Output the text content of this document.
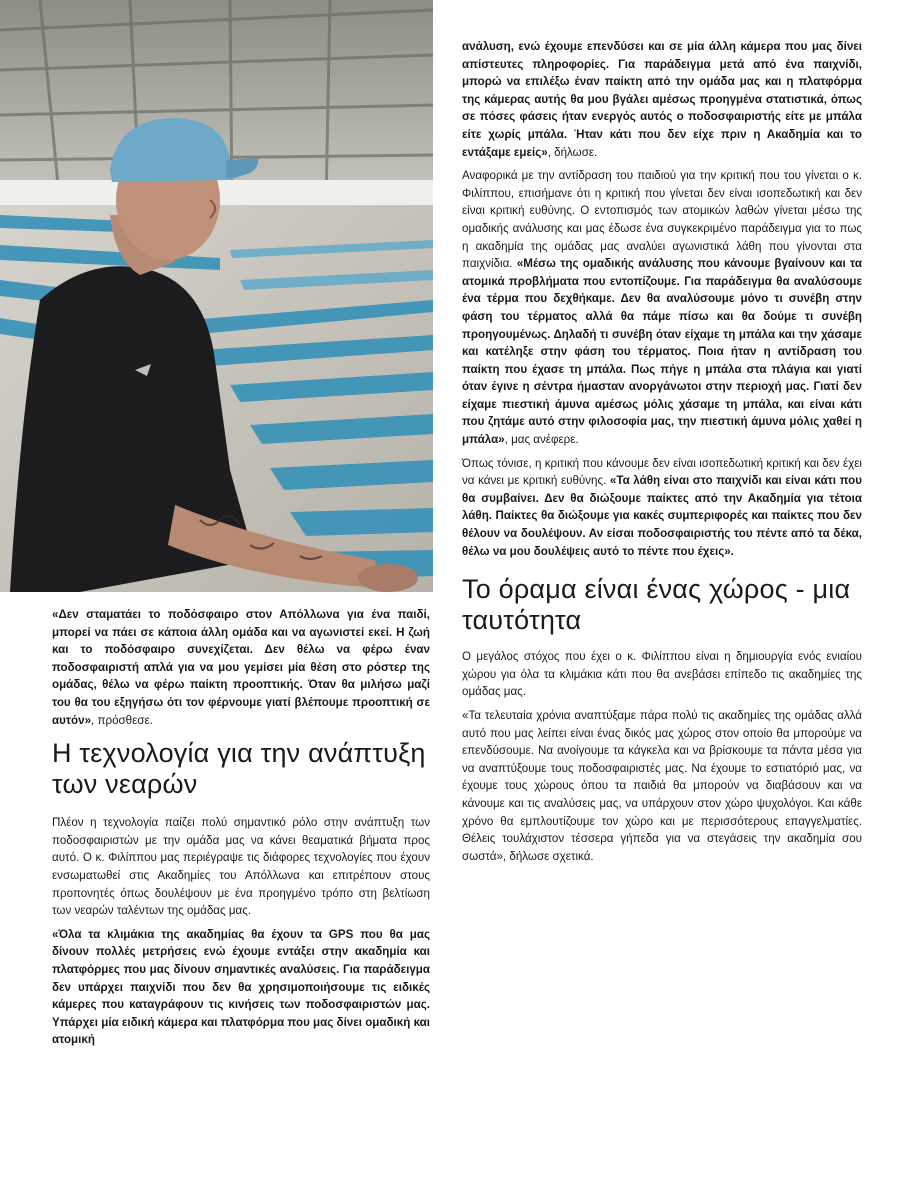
«Δεν σταματάει το ποδόσφαιρο στον Απόλλωνα για ένα παιδί, μπορεί να πάει σε κάποια άλλη ομάδα και να αγωνιστεί εκεί. Η ζωή και το ποδόσφαιρο συνεχίζεται. Δεν θέλω να φέρω έναν ποδοσφαιριστή απλά για να μου γεμίσει μία θέση στο ρόστερ της ομάδας, θέλω να φέρω παίκτη προοπτικής. Όταν θα μιλήσω μαζί του θα του εξηγήσω ότι τον φέρνουμε γιατί βλέπουμε προοπτική σε αυτόν», πρόσθεσε.

Η τεχνολογία για την ανάπτυξη των νεαρών

Πλέον η τεχνολογία παίζει πολύ σημαντικό ρόλο στην ανάπτυξη των ποδοσφαιριστών με την ομάδα μας να κάνει θεαματικά βήματα προς αυτό. Ο κ. Φιλίππου μας περιέγραψε τις διάφορες τεχνολογίες που έχουν ενσωματωθεί στις Ακαδημίες του Απόλλωνα και επιτρέπουν στους προπονητές όπως δουλέψουν με ένα προηγμένο τρόπο στη βελτίωση των νεαρών ταλέντων της ομάδας μας.

«Όλα τα κλιμάκια της ακαδημίας θα έχουν τα GPS που θα μας δίνουν πολλές μετρήσεις ενώ έχουμε εντάξει στην ακαδημία και πλατφόρμες που μας δίνουν σημαντικές αναλύσεις. Για παράδειγμα δεν υπάρχει παιχνίδι που δεν θα χρησιμοποιήσουμε τις ειδικές κάμερες που καταγράφουν τις κινήσεις των ποδοσφαιριστών μας. Υπάρχει μία ειδική κάμερα και πλατφόρμα που μας δίνει ομαδική και ατομική

ανάλυση, ενώ έχουμε επενδύσει και σε μία άλλη κάμερα που μας δίνει απίστευτες πληροφορίες. Για παράδειγμα μετά από ένα παιχνίδι, μπορώ να επιλέξω έναν παίκτη από την ομάδα μας και η πλατφόρμα της κάμερας αυτής θα μου βγάλει αμέσως προηγμένα στατιστικά, όπως σε πόσες φάσεις ήταν ενεργός αυτός ο ποδοσφαιριστής είτε με μπάλα είτε χωρίς μπάλα. Ήταν κάτι που δεν είχε πριν η Ακαδημία και το εντάξαμε εμείς», δήλωσε.

Αναφορικά με την αντίδραση του παιδιού για την κριτική που του γίνεται ο κ. Φιλίππου, επισήμανε ότι η κριτική που γίνεται δεν είναι ισοπεδωτική και δεν είναι κριτική ευθύνης. Ο εντοπισμός των ατομικών λαθών γίνεται μέσω της ομαδικής ανάλυσης και μας έδωσε ένα συγκεκριμένο παράδειγμα για το πως η ακαδημία της ομάδας μας αναλύει αγωνιστικά λάθη που γίνονται στα παιχνίδια. «Μέσω της ομαδικής ανάλυσης που κάνουμε βγαίνουν και τα ατομικά προβλήματα που εντοπίζουμε. Για παράδειγμα θα αναλύσουμε ένα τέρμα που δεχθήκαμε. Δεν θα αναλύσουμε μόνο τι συνέβη στην φάση του τέρματος αλλά θα πάμε πίσω και θα δούμε τι συνέβη προηγουμένως. Δηλαδή τι συνέβη όταν είχαμε τη μπάλα και την χάσαμε και κατέληξε στην φάση του τέρματος. Ποια ήταν η αντίδραση του παίκτη που έχασε τη μπάλα. Πως πήγε η μπάλα στα πλάγια και γιατί όταν έγινε η σέντρα ήμασταν ανοργάνωτοι στην περιοχή μας. Γιατί δεν είχαμε πιεστική άμυνα αμέσως μόλις χάσαμε τη μπάλα, και είναι κάτι που ζητάμε αυτό στην φιλοσοφία μας, την πιεστική άμυνα μόλις χαθεί η μπάλα», μας ανέφερε.

Όπως τόνισε, η κριτική που κάνουμε δεν είναι ισοπεδωτική κριτική και δεν έχει να κάνει με κριτική ευθύνης. «Τα λάθη είναι στο παιχνίδι και είναι κάτι που θα συμβαίνει. Δεν θα διώξουμε παίκτες από την Ακαδημία για τέτοια λάθη. Παίκτες θα διώξουμε για κακές συμπεριφορές και παίκτες που δεν θέλουν να δουλέψουν. Αν είσαι ποδοσφαιριστής του πέντε από τα δέκα, θέλω να μου δουλέψεις αυτό το πέντε που έχεις».

Το όραμα είναι ένας χώρος - μια ταυτότητα

Ο μεγάλος στόχος που έχει ο κ. Φιλίππου είναι η δημιουργία ενός ενιαίου χώρου για όλα τα κλιμάκια κάτι που θα ανεβάσει επίπεδο τις ακαδημίες της ομάδας μας.

«Τα τελευταία χρόνια αναπτύξαμε πάρα πολύ τις ακαδημίες της ομάδας αλλά αυτό που μας λείπει είναι ένας δικός μας χώρος στον οποίο θα μπορούμε να επενδύσουμε. Να ανοίγουμε τα κάγκελα και να βρίσκουμε τα πάντα μέσα για να αναπτύξουμε τους ποδοσφαιριστές μας. Να έχουμε το εστιατόριό μας, να έχουμε τους χώρους όπου τα παιδιά θα μπορούν να διαβάσουν και να κάνουμε και τις αναλύσεις μας, να υπάρχουν στον χώρο ψυχολόγοι. Και κάθε χρόνο θα εμπλουτίζουμε τον χώρο και με περισσότερους επαγγελματίες. Θέλεις τουλάχιστον τέσσερα γήπεδα για να στεγάσεις την ακαδημία σου σωστά», δήλωσε σχετικά.
